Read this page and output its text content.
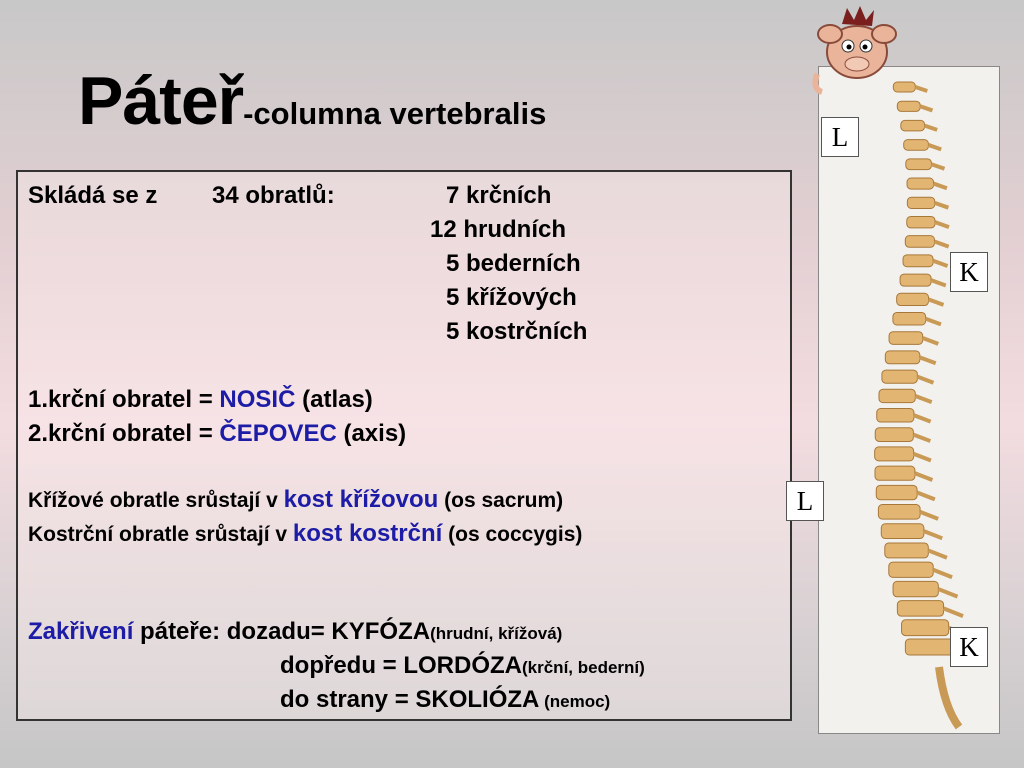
Páteř-columna vertebralis
Skládá se z 34 obratlů:	7 krčních
12 hrudních
5 bederních
5 křížových
5 kostrčních
1.krční obratel = NOSIČ (atlas)
2.krční obratel = ČEPOVEC (axis)
Křížové obratle srůstají v kost křížovou (os sacrum)
Kostrční obratle srůstají v kost kostrční (os coccygis)
Zakřivení páteře: dozadu= KYFÓZA(hrudní, křížová)
dopředu = LORDÓZA(krční, bederní)
do strany = SKOLIÓZA (nemoc)
L
K
L
K
